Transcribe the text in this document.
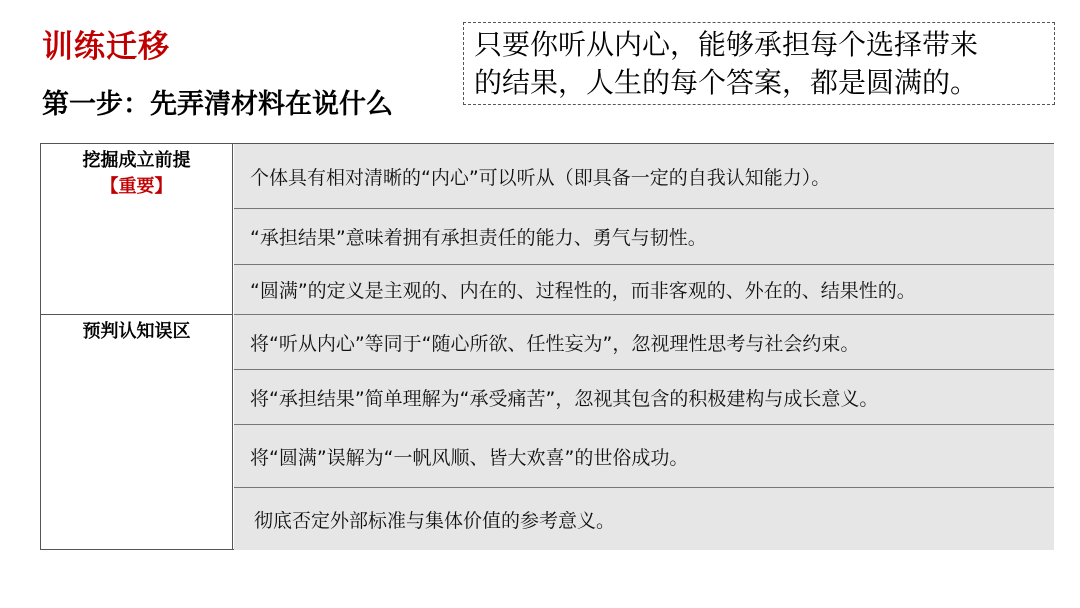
训练迁移
第一步：先弄清材料在说什么
只要你听从内心，能够承担每个选择带来
的结果，人生的每个答案，都是圆满的。
挖掘成立前提
【重要】
预判认知误区
个体具有相对清晰的“内心”可以听从（即具备一定的自我认知能力）。
“承担结果”意味着拥有承担责任的能力、勇气与韧性。
“圆满”的定义是主观的、内在的、过程性的，而非客观的、外在的、结果性的。
将“听从内心”等同于“随心所欲、任性妄为”，忽视理性思考与社会约束。
将“承担结果”简单理解为“承受痛苦”，忽视其包含的积极建构与成长意义。
将“圆满”误解为“一帆风顺、皆大欢喜”的世俗成功。
彻底否定外部标准与集体价值的参考意义。
